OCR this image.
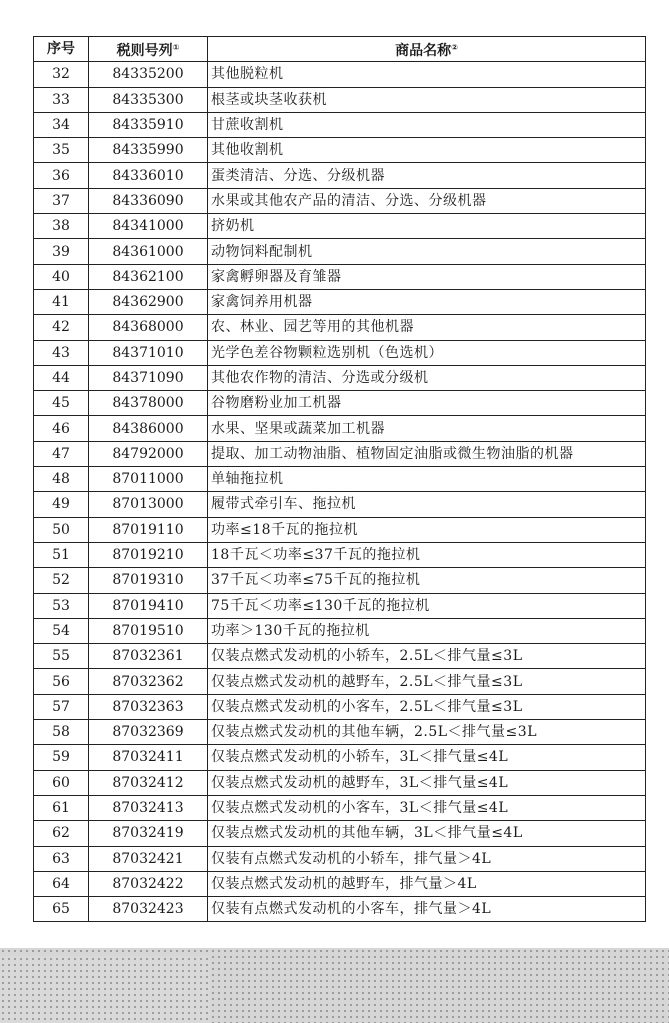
序号	税则号列①	商品名称②
32	84335200	其他脱粒机
33	84335300	根茎或块茎收获机
34	84335910	甘蔗收割机
35	84335990	其他收割机
36	84336010	蛋类清洁、分选、分级机器
37	84336090	水果或其他农产品的清洁、分选、分级机器
38	84341000	挤奶机
39	84361000	动物饲料配制机
40	84362100	家禽孵卵器及育雏器
41	84362900	家禽饲养用机器
42	84368000	农、林业、园艺等用的其他机器
43	84371010	光学色差谷物颗粒选别机（色选机）
44	84371090	其他农作物的清洁、分选或分级机
45	84378000	谷物磨粉业加工机器
46	84386000	水果、坚果或蔬菜加工机器
47	84792000	提取、加工动物油脂、植物固定油脂或微生物油脂的机器
48	87011000	单轴拖拉机
49	87013000	履带式牵引车、拖拉机
50	87019110	功率≤18千瓦的拖拉机
51	87019210	18千瓦＜功率≤37千瓦的拖拉机
52	87019310	37千瓦＜功率≤75千瓦的拖拉机
53	87019410	75千瓦＜功率≤130千瓦的拖拉机
54	87019510	功率＞130千瓦的拖拉机
55	87032361	仅装点燃式发动机的小轿车，2.5L＜排气量≤3L
56	87032362	仅装点燃式发动机的越野车，2.5L＜排气量≤3L
57	87032363	仅装点燃式发动机的小客车，2.5L＜排气量≤3L
58	87032369	仅装点燃式发动机的其他车辆，2.5L＜排气量≤3L
59	87032411	仅装点燃式发动机的小轿车，3L＜排气量≤4L
60	87032412	仅装点燃式发动机的越野车，3L＜排气量≤4L
61	87032413	仅装点燃式发动机的小客车，3L＜排气量≤4L
62	87032419	仅装点燃式发动机的其他车辆，3L＜排气量≤4L
63	87032421	仅装有点燃式发动机的小轿车，排气量＞4L
64	87032422	仅装点燃式发动机的越野车，排气量＞4L
65	87032423	仅装有点燃式发动机的小客车，排气量＞4L
